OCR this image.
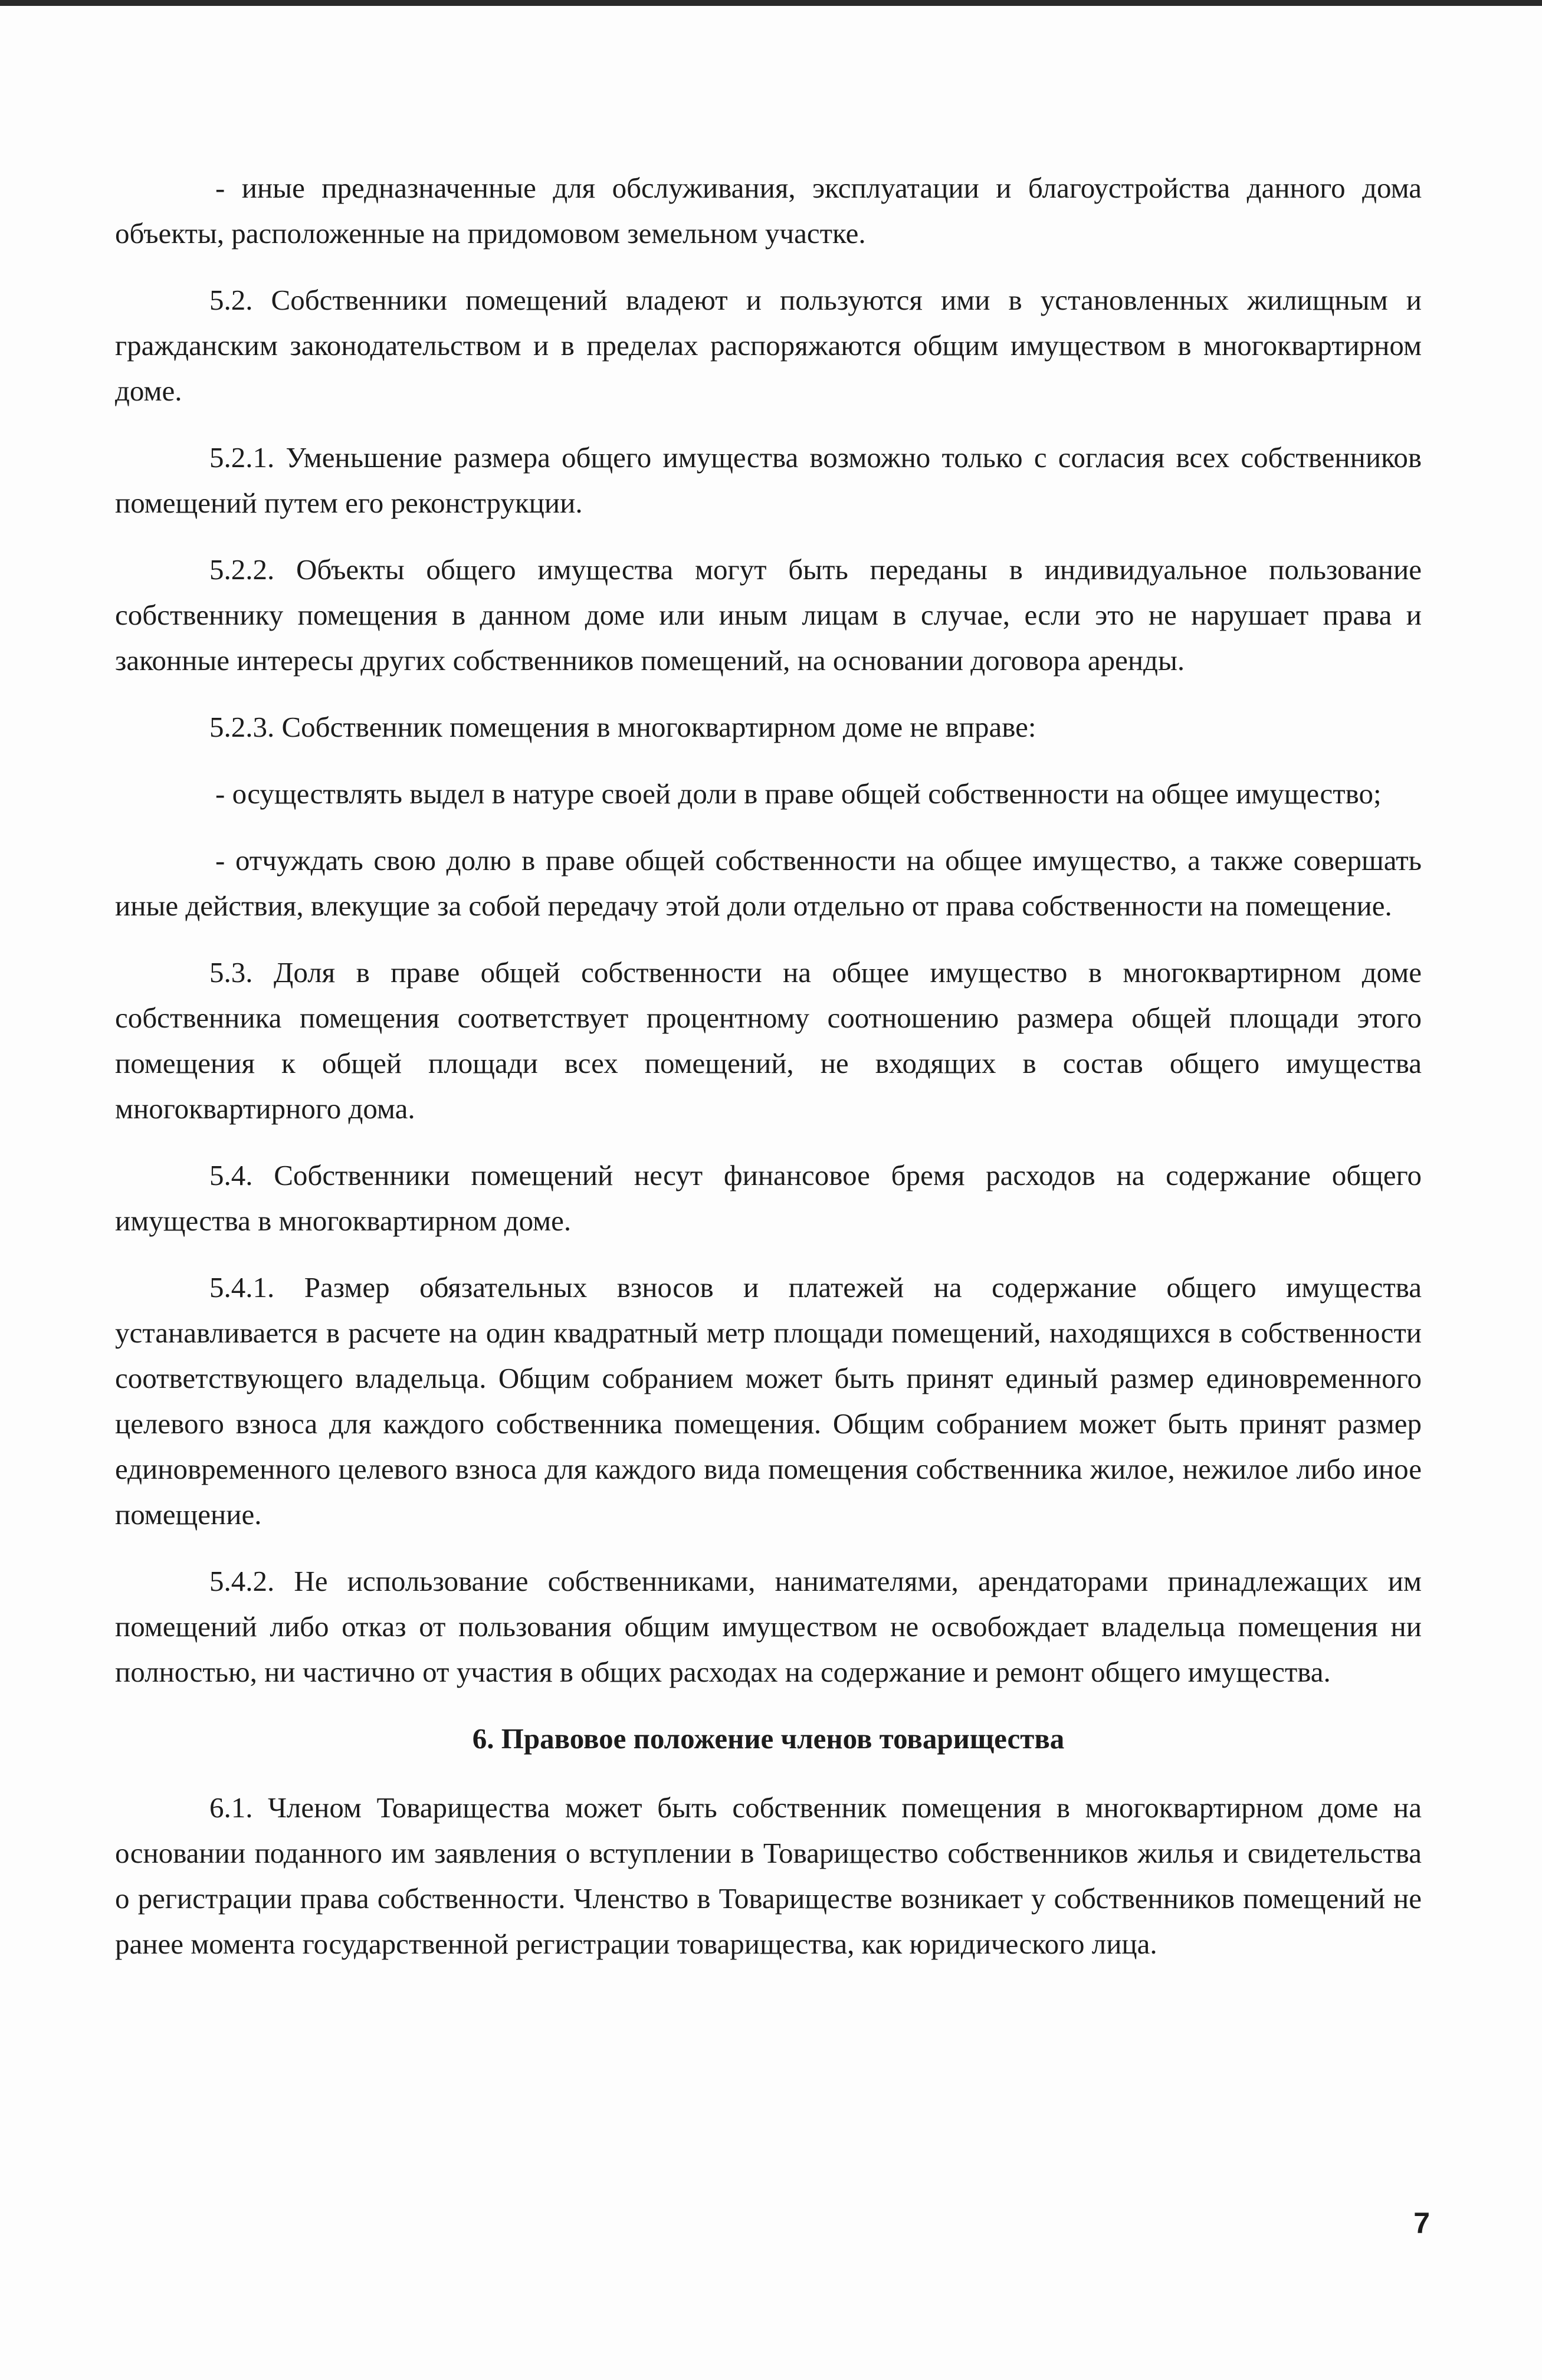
- иные предназначенные для обслуживания, эксплуатации и благоустройства данного дома объекты, расположенные на придомовом земельном участке.

5.2. Собственники помещений владеют и пользуются ими в установленных жилищным и гражданским законодательством и в пределах распоряжаются общим имуществом в многоквартирном доме.

5.2.1. Уменьшение размера общего имущества возможно только с согласия всех собственников помещений путем его реконструкции.

5.2.2. Объекты общего имущества могут быть переданы в индивидуальное пользование собственнику помещения в данном доме или иным лицам в случае, если это не нарушает права и законные интересы других собственников помещений, на основании договора аренды.

5.2.3. Собственник помещения в многоквартирном доме не вправе:

- осуществлять выдел в натуре своей доли в праве общей собственности на общее имущество;

- отчуждать свою долю в праве общей собственности на общее имущество, а также совершать иные действия, влекущие за собой передачу этой доли отдельно от права собственности на помещение.

5.3. Доля в праве общей собственности на общее имущество в многоквартирном доме собственника помещения соответствует процентному соотношению размера общей площади этого помещения к общей площади всех помещений, не входящих в состав общего имущества многоквартирного дома.

5.4. Собственники помещений несут финансовое бремя расходов на содержание общего имущества в многоквартирном доме.

5.4.1. Размер обязательных взносов и платежей на содержание общего имущества устанавливается в расчете на один квадратный метр площади помещений, находящихся в собственности соответствующего владельца. Общим собранием может быть принят единый размер единовременного целевого взноса для каждого собственника помещения. Общим собранием может быть принят размер единовременного целевого взноса для каждого вида помещения собственника жилое, нежилое либо иное помещение.

5.4.2. Не использование собственниками, нанимателями, арендаторами принадлежащих им помещений либо отказ от пользования общим имуществом не освобождает владельца помещения ни полностью, ни частично от участия в общих расходах на содержание и ремонт общего имущества.

6. Правовое положение членов товарищества

6.1. Членом Товарищества может быть собственник помещения в многоквартирном доме на основании поданного им заявления о вступлении в Товарищество собственников жилья и свидетельства о регистрации права собственности. Членство в Товариществе возникает у собственников помещений не ранее момента государственной регистрации товарищества, как юридического лица.

7
